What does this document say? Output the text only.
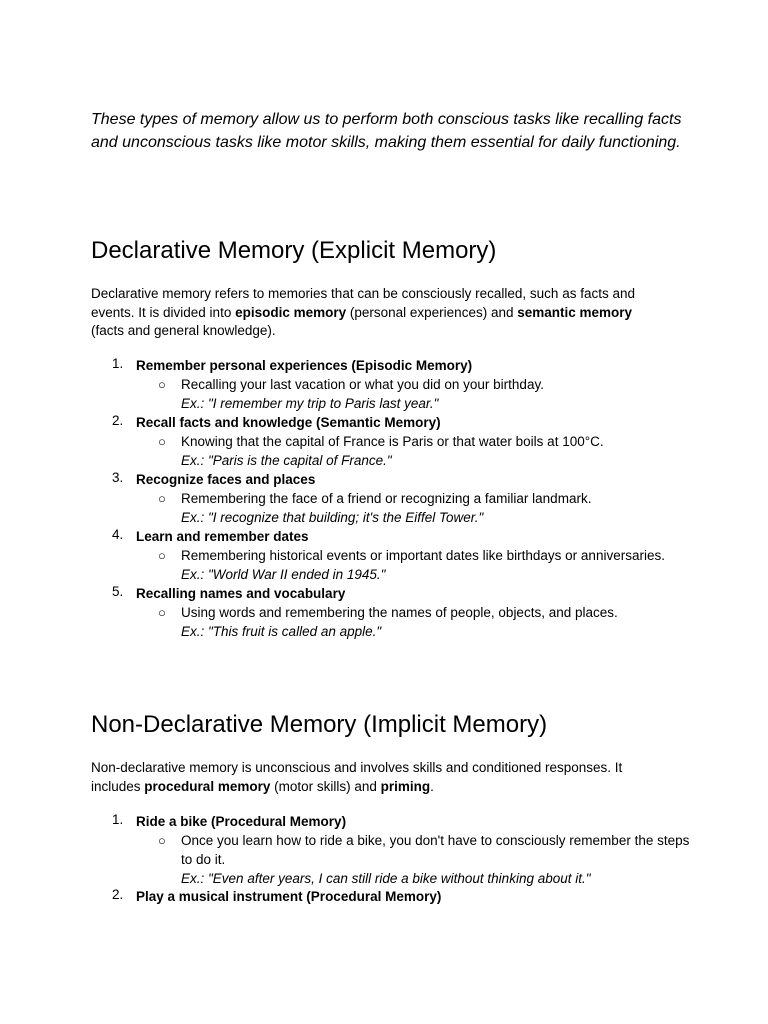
These types of memory allow us to perform both conscious tasks like recalling facts and unconscious tasks like motor skills, making them essential for daily functioning.

Declarative Memory (Explicit Memory)

Declarative memory refers to memories that can be consciously recalled, such as facts and events. It is divided into episodic memory (personal experiences) and semantic memory (facts and general knowledge).

1. Remember personal experiences (Episodic Memory)
○ Recalling your last vacation or what you did on your birthday.
Ex.: "I remember my trip to Paris last year."
2. Recall facts and knowledge (Semantic Memory)
○ Knowing that the capital of France is Paris or that water boils at 100°C.
Ex.: "Paris is the capital of France."
3. Recognize faces and places
○ Remembering the face of a friend or recognizing a familiar landmark.
Ex.: "I recognize that building; it's the Eiffel Tower."
4. Learn and remember dates
○ Remembering historical events or important dates like birthdays or anniversaries.
Ex.: "World War II ended in 1945."
5. Recalling names and vocabulary
○ Using words and remembering the names of people, objects, and places.
Ex.: "This fruit is called an apple."
Non-Declarative Memory (Implicit Memory)

Non-declarative memory is unconscious and involves skills and conditioned responses. It includes procedural memory (motor skills) and priming.

1. Ride a bike (Procedural Memory)
○ Once you learn how to ride a bike, you don't have to consciously remember the steps to do it.
Ex.: "Even after years, I can still ride a bike without thinking about it."
2. Play a musical instrument (Procedural Memory)
